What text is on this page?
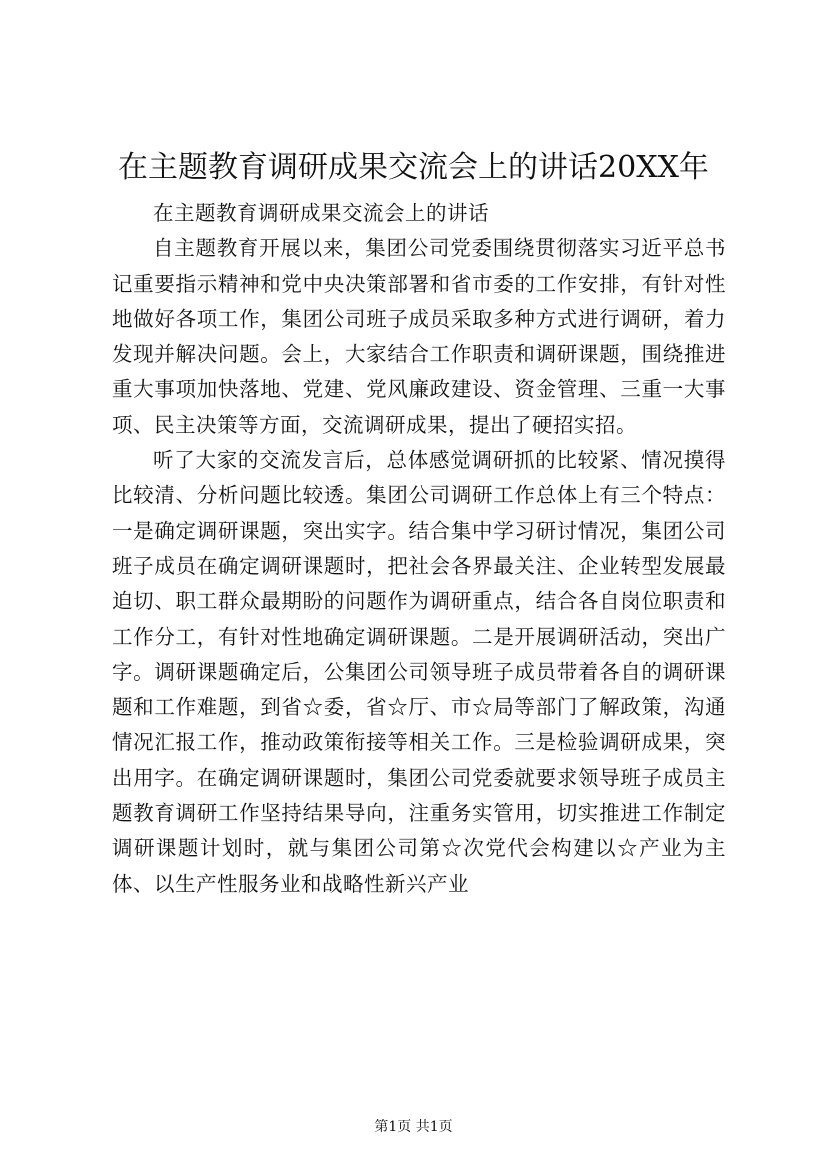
在主题教育调研成果交流会上的讲话20XX年

在主题教育调研成果交流会上的讲话

自主题教育开展以来，集团公司党委围绕贯彻落实习近平总书记重要指示精神和党中央决策部署和省市委的工作安排，有针对性地做好各项工作，集团公司班子成员采取多种方式进行调研，着力发现并解决问题。会上，大家结合工作职责和调研课题，围绕推进重大事项加快落地、党建、党风廉政建设、资金管理、三重一大事项、民主决策等方面，交流调研成果，提出了硬招实招。

听了大家的交流发言后，总体感觉调研抓的比较紧、情况摸得比较清、分析问题比较透。集团公司调研工作总体上有三个特点：一是确定调研课题，突出实字。结合集中学习研讨情况，集团公司班子成员在确定调研课题时，把社会各界最关注、企业转型发展最迫切、职工群众最期盼的问题作为调研重点，结合各自岗位职责和工作分工，有针对性地确定调研课题。二是开展调研活动，突出广字。调研课题确定后，公集团公司领导班子成员带着各自的调研课题和工作难题，到省☆委，省☆厅、市☆局等部门了解政策，沟通情况汇报工作，推动政策衔接等相关工作。三是检验调研成果，突出用字。在确定调研课题时，集团公司党委就要求领导班子成员主题教育调研工作坚持结果导向，注重务实管用，切实推进工作制定调研课题计划时，就与集团公司第☆次党代会构建以☆产业为主体、以生产性服务业和战略性新兴产业

第1页 共1页
